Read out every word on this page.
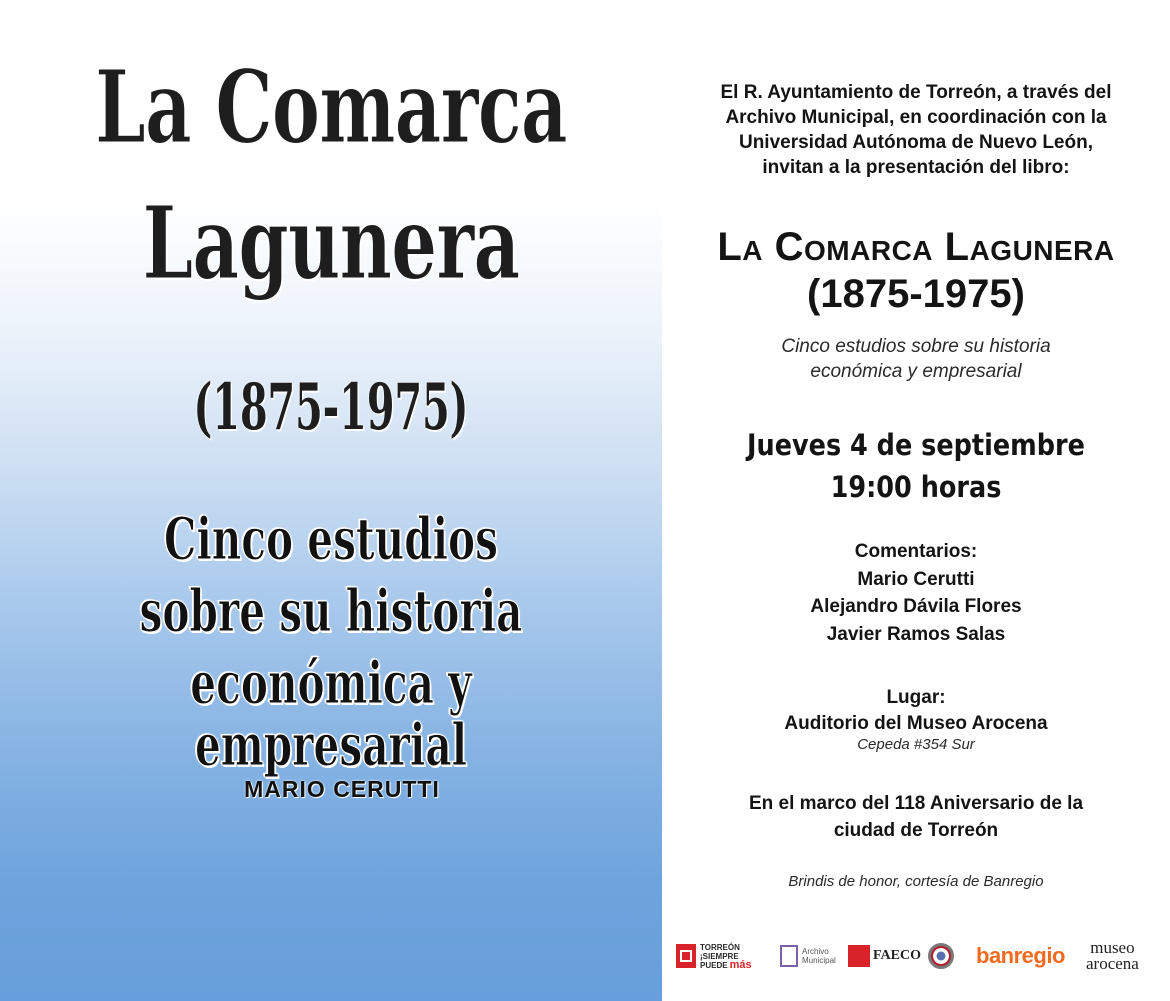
La Comarca
Lagunera
(1875-1975)
Cinco estudios
sobre su historia
económica y empresarial
MARIO CERUTTI
El R. Ayuntamiento de Torreón, a través del
Archivo Municipal, en coordinación con la
Universidad Autónoma de Nuevo León,
invitan a la presentación del libro:
La Comarca Lagunera
(1875-1975)
Cinco estudios sobre su historia
económica y empresarial
Jueves 4 de septiembre
19:00 horas
Comentarios:
Mario Cerutti
Alejandro Dávila Flores
Javier Ramos Salas
Lugar:
Auditorio del Museo Arocena
Cepeda #354 Sur
En el marco del 118 Aniversario de la
ciudad de Torreón
Brindis de honor, cortesía de Banregio
TORREÓN
¡SIEMPRE
PUEDE más
Archivo
Municipal	FAECO	banregio museo
arocena
